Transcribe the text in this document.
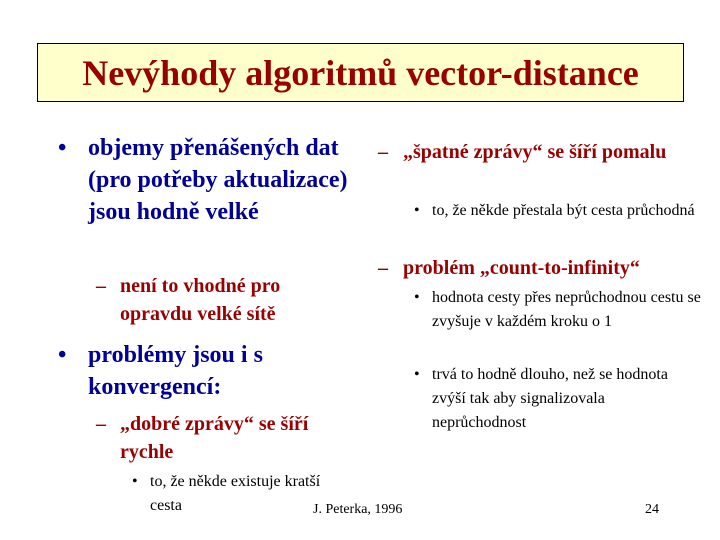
Nevýhody algoritmů vector-distance
• objemy přenášených dat (pro potřeby aktualizace) jsou hodně velké

– není to vhodné pro opravdu velké sítě

• problémy jsou i s konvergencí:

– „dobré zprávy“ se šíří rychle

• to, že někde existuje kratší cesta

– „špatné zprávy“ se šíří pomalu

• to, že někde přestala být cesta průchodná

– problém „count-to-infinity“

• hodnota cesty přes neprůchodnou cestu se zvyšuje v každém kroku o 1

• trvá to hodně dlouho, než se hodnota zvýší tak aby signalizovala neprůchodnost

J. Peterka, 1996	24
